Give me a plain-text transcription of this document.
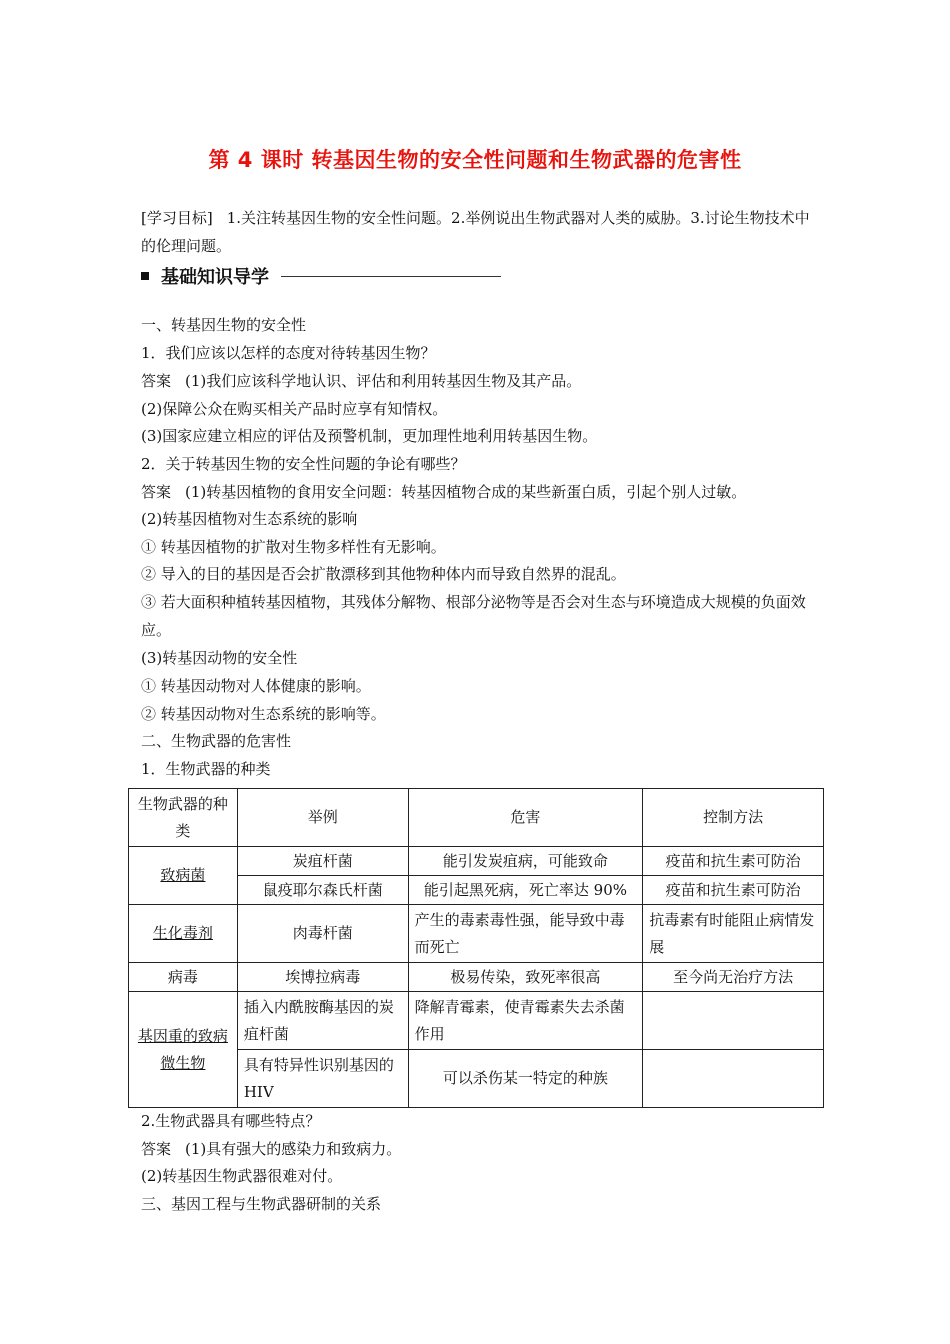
第 4 课时 转基因生物的安全性问题和生物武器的危害性
[学习目标] 1.关注转基因生物的安全性问题。2.举例说出生物武器对人类的威胁。3.讨论生物技术中的伦理问题。
基础知识导学
一、转基因生物的安全性
1．我们应该以怎样的态度对待转基因生物？
答案 (1)我们应该科学地认识、评估和利用转基因生物及其产品。
(2)保障公众在购买相关产品时应享有知情权。
(3)国家应建立相应的评估及预警机制，更加理性地利用转基因生物。
2．关于转基因生物的安全性问题的争论有哪些？
答案 (1)转基因植物的食用安全问题：转基因植物合成的某些新蛋白质，引起个别人过敏。
(2)转基因植物对生态系统的影响
① 转基因植物的扩散对生物多样性有无影响。
② 导入的目的基因是否会扩散漂移到其他物种体内而导致自然界的混乱。
③ 若大面积种植转基因植物，其残体分解物、根部分泌物等是否会对生态与环境造成大规模的负面效应。
(3)转基因动物的安全性
① 转基因动物对人体健康的影响。
② 转基因动物对生态系统的影响等。
二、生物武器的危害性
1．生物武器的种类
生物武器的种类	举例	危害	控制方法
致病菌	炭疽杆菌	能引发炭疽病，可能致命	疫苗和抗生素可防治
	鼠疫耶尔森氏杆菌	能引起黑死病，死亡率达 90%	疫苗和抗生素可防治
生化毒剂	肉毒杆菌	产生的毒素毒性强，能导致中毒而死亡	抗毒素有时能阻止病情发展
病毒	埃博拉病毒	极易传染，致死率很高	至今尚无治疗方法
基因重的致病微生物	插入内酰胺酶基因的炭疽杆菌	降解青霉素，使青霉素失去杀菌作用	
	具有特异性识别基因的 HIV	可以杀伤某一特定的种族	
2.生物武器具有哪些特点？
答案 (1)具有强大的感染力和致病力。
(2)转基因生物武器很难对付。
三、基因工程与生物武器研制的关系
